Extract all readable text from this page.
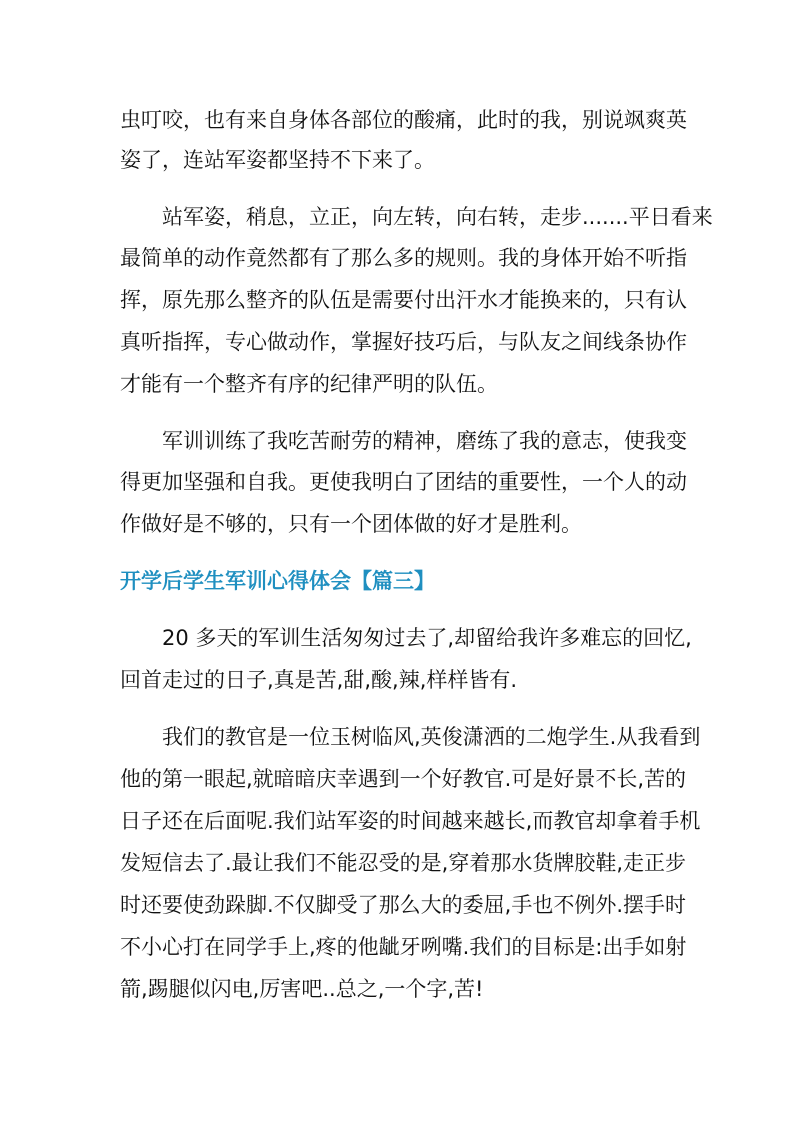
虫叮咬，也有来自身体各部位的酸痛，此时的我，别说飒爽英
姿了，连站军姿都坚持不下来了。
站军姿，稍息，立正，向左转，向右转，走步.......平日看来
最简单的动作竟然都有了那么多的规则。我的身体开始不听指
挥，原先那么整齐的队伍是需要付出汗水才能换来的，只有认
真听指挥，专心做动作，掌握好技巧后，与队友之间线条协作
才能有一个整齐有序的纪律严明的队伍。
军训训练了我吃苦耐劳的精神，磨练了我的意志，使我变
得更加坚强和自我。更使我明白了团结的重要性，一个人的动
作做好是不够的，只有一个团体做的好才是胜利。
开学后学生军训心得体会【篇三】
20 多天的军训生活匆匆过去了,却留给我许多难忘的回忆,
回首走过的日子,真是苦,甜,酸,辣,样样皆有.
我们的教官是一位玉树临风,英俊潇洒的二炮学生.从我看到
他的第一眼起,就暗暗庆幸遇到一个好教官.可是好景不长,苦的
日子还在后面呢.我们站军姿的时间越来越长,而教官却拿着手机
发短信去了.最让我们不能忍受的是,穿着那水货牌胶鞋,走正步
时还要使劲跺脚.不仅脚受了那么大的委屈,手也不例外.摆手时
不小心打在同学手上,疼的他龇牙咧嘴.我们的目标是:出手如射
箭,踢腿似闪电,厉害吧..总之,一个字,苦!
